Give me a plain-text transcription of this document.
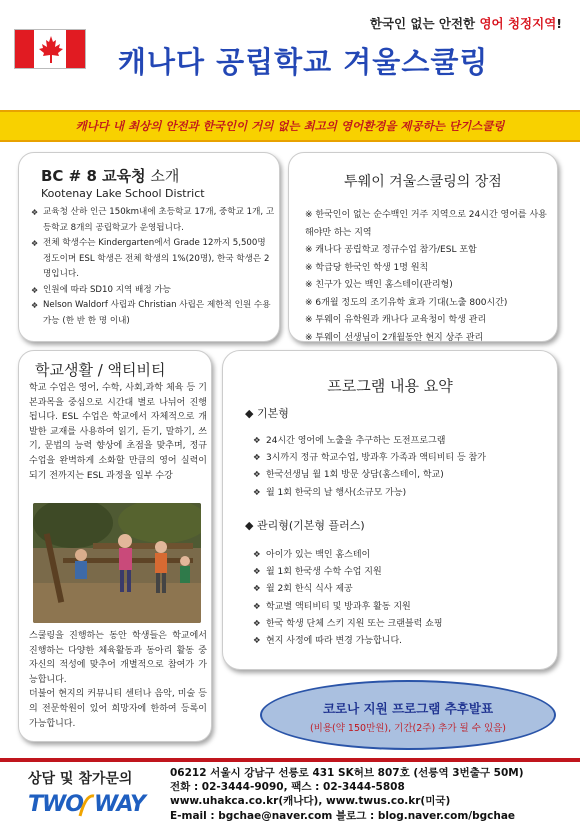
한국인 없는 안전한 영어 청정지역!
캐나다 공립학교 겨울스쿨링
캐나다 내 최상의 안전과 한국인이 거의 없는 최고의 영어환경을 제공하는 단기스쿨링
BC # 8 교육청 소개
Kootenay Lake School District
❖ 교육청 산하 인근 150km내에 초등학교 17개, 중학교 1개, 고등학교 8개의 공립학교가 운영됩니다.
❖ 전체 학생수는 Kindergarten에서 Grade 12까지 5,500명 정도이며 ESL 학생은 전체 학생의 1%(20명), 한국 학생은 2명입니다.
❖ 인원에 따라 SD10 지역 배정 가능
❖ Nelson Waldorf 사립과 Christian 사립은 제한적 인원 수용가능 (한 반 한 명 이내)
투웨이 겨울스쿨링의 장점
※ 한국인이 없는 순수백인 거주 지역으로 24시간 영어를 사용해야만 하는 지역
※ 캐나다 공립학교 정규수업 참가/ESL 포함
※ 학급당 한국인 학생 1명 원칙
※ 친구가 있는 백인 홈스테이(관리형)
※ 6개월 정도의 조기유학 효과 기대(노출 800시간)
※ 투웨이 유학원과 캐나다 교육청이 학생 관리
※ 투웨이 선생님이 2개월동안 현지 상주 관리
학교생활 / 액티비티

학교 수업은 영어, 수학, 사회,과학 체육 등 기본과목을 중심으로 시간대 별로 나뉘어 진행됩니다. ESL 수업은 학교에서 자체적으로 개발한 교재를 사용하여 읽기, 듣기, 말하기, 쓰기, 문법의 능력 향상에 초점을 맞추며, 정규 수업을 완벽하게 소화할 만큼의 영어 실력이 되기 전까지는 ESL 과정을 일부 수강

스쿨링을 진행하는 동안 학생들은 학교에서 진행하는 다양한 체육활동과 동아리 활동 중 자신의 적성에 맞추어 개별적으로 참여가 가능합니다.

더불어 현지의 커뮤니티 센터나 음악, 미술 등의 전문학원이 있어 희망자에 한하여 등록이 가능합니다.

프로그램 내용 요약
◆ 기본형
❖ 24시간 영어에 노출을 추구하는 도전프로그램
❖ 3시까지 정규 학교수업, 방과후 가족과 액티비티 등 참가
❖ 한국선생님 월 1회 방문 상담(홈스테이, 학교)
❖ 월 1회 한국의 날 행사(소규모 가능)
◆ 관리형(기본형 플러스)
❖ 아이가 있는 백인 홈스테이
❖ 월 1회 한국생 수학 수업 지원
❖ 월 2회 한식 식사 제공
❖ 학교별 액티비티 및 방과후 활동 지원
❖ 한국 학생 단체 스키 지원 또는 크랜블럭 쇼핑
❖ 현지 사정에 따라 변경 가능합니다.
코로나 지원 프로그램 추후발표
(비용(약 150만원), 기간(2주) 추가 될 수 있음)
상담 및 참가문의
TWO WAY
06212 서울시 강남구 선릉로 431 SK허브 807호 (선릉역 3번출구 50M)
전화 : 02-3444-9090, 팩스 : 02-3444-5808
www.uhakca.co.kr(캐나다), www.twus.co.kr(미국)
E-mail : bgchae@naver.com 블로그 : blog.naver.com/bgchae
